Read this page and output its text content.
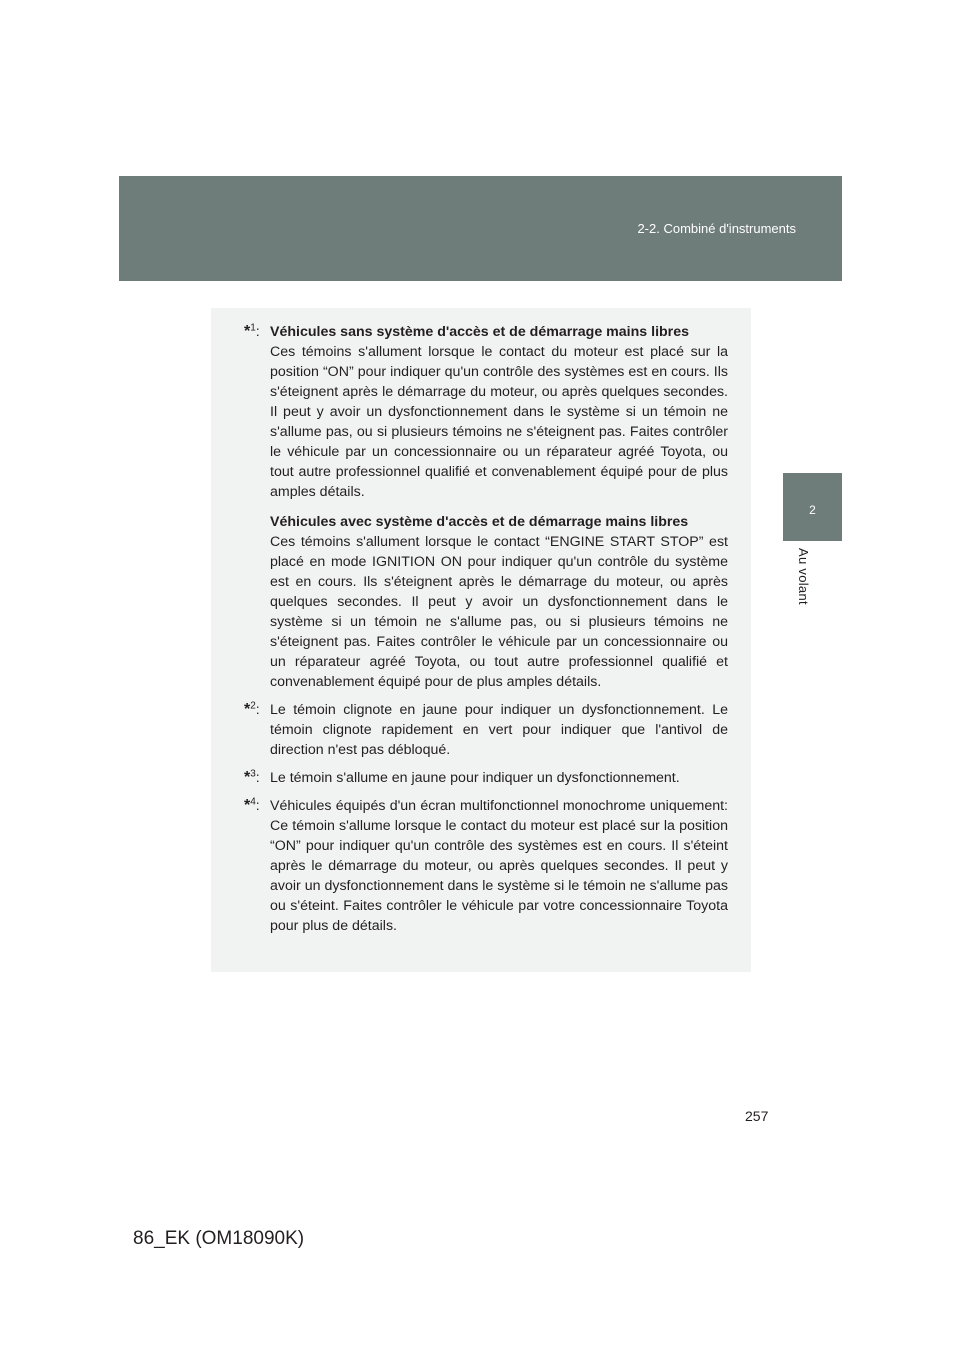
2-2. Combiné d'instruments
2
Au volant
*$^1$: Véhicules sans système d'accès et de démarrage mains libres

Ces témoins s'allument lorsque le contact du moteur est placé sur la position “ON” pour indiquer qu'un contrôle des systèmes est en cours. Ils s'éteignent après le démarrage du moteur, ou après quelques secondes. Il peut y avoir un dysfonctionnement dans le système si un témoin ne s'allume pas, ou si plusieurs témoins ne s'éteignent pas. Faites contrôler le véhicule par un concessionnaire ou un réparateur agréé Toyota, ou tout autre professionnel qualifié et convenablement équipé pour de plus amples détails.

Véhicules avec système d'accès et de démarrage mains libres

Ces témoins s'allument lorsque le contact “ENGINE START STOP” est placé en mode IGNITION ON pour indiquer qu'un contrôle du système est en cours. Ils s'éteignent après le démarrage du moteur, ou après quelques secondes. Il peut y avoir un dysfonctionnement dans le système si un témoin ne s'allume pas, ou si plusieurs témoins ne s'éteignent pas. Faites contrôler le véhicule par un concessionnaire ou un réparateur agréé Toyota, ou tout autre professionnel qualifié et convenablement équipé pour de plus amples détails.

*$^2$: Le témoin clignote en jaune pour indiquer un dysfonctionnement. Le témoin clignote rapidement en vert pour indiquer que l'antivol de direction n'est pas débloqué.

*$^3$: Le témoin s'allume en jaune pour indiquer un dysfonctionnement.

*$^4$: Véhicules équipés d'un écran multifonctionnel monochrome uniquement: Ce témoin s'allume lorsque le contact du moteur est placé sur la position “ON” pour indiquer qu'un contrôle des systèmes est en cours. Il s'éteint après le démarrage du moteur, ou après quelques secondes. Il peut y avoir un dysfonctionnement dans le système si le témoin ne s'allume pas ou s'éteint. Faites contrôler le véhicule par votre concessionnaire Toyota pour plus de détails.

257
86_EK (OM18090K)
